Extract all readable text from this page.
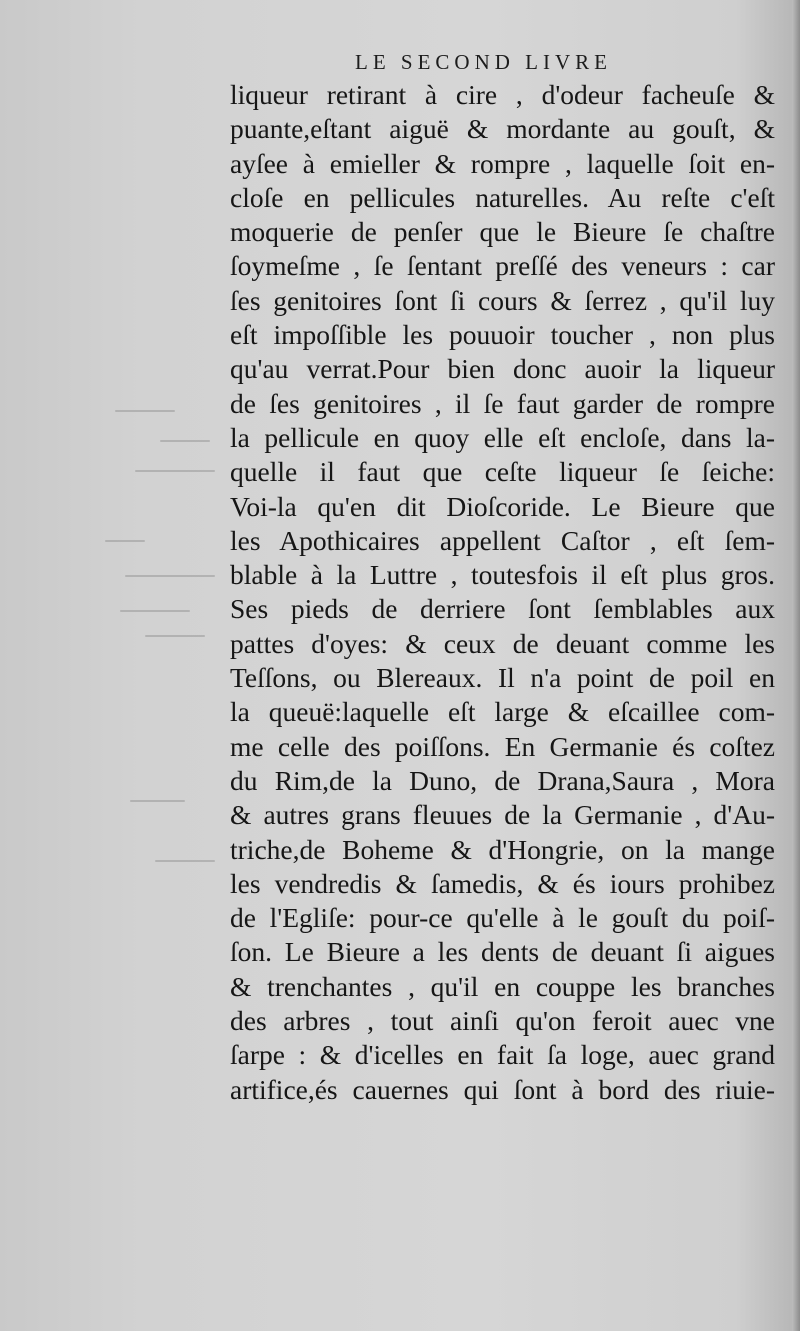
LE SECOND LIVRE
liqueur retirant à cire , d'odeur facheuſe &
puante,eſtant aiguë & mordante au gouſt, &
ayſee à emieller & rompre , laquelle ſoit en-
cloſe en pellicules naturelles. Au reſte c'eſt
moquerie de penſer que le Bieure ſe chaſtre
ſoymeſme , ſe ſentant preſſé des veneurs : car
ſes genitoires ſont ſi cours & ſerrez , qu'il luy
eſt impoſſible les pouuoir toucher , non plus
qu'au verrat.Pour bien donc auoir la liqueur
de ſes genitoires , il ſe faut garder de rompre
la pellicule en quoy elle eſt encloſe, dans la-
quelle il faut que ceſte liqueur ſe ſeiche:
Voi-la qu'en dit Dioſcoride. Le Bieure que
les Apothicaires appellent Caſtor , eſt ſem-
blable à la Luttre , toutesfois il eſt plus gros.
Ses pieds de derriere ſont ſemblables aux
pattes d'oyes: & ceux de deuant comme les
Teſſons, ou Blereaux. Il n'a point de poil en
la queuë:laquelle eſt large & eſcaillee com-
me celle des poiſſons. En Germanie és coſtez
du Rim,de la Duno, de Drana,Saura , Mora
& autres grans fleuues de la Germanie , d'Au-
triche,de Boheme & d'Hongrie, on la mange
les vendredis & ſamedis, & és iours prohibez
de l'Egliſe: pour-ce qu'elle à le gouſt du poiſ-
ſon. Le Bieure a les dents de deuant ſi aigues
& trenchantes , qu'il en couppe les branches
des arbres , tout ainſi qu'on feroit auec vne
ſarpe : & d'icelles en fait ſa loge, auec grand
artifice,és cauernes qui ſont à bord des riuie-
